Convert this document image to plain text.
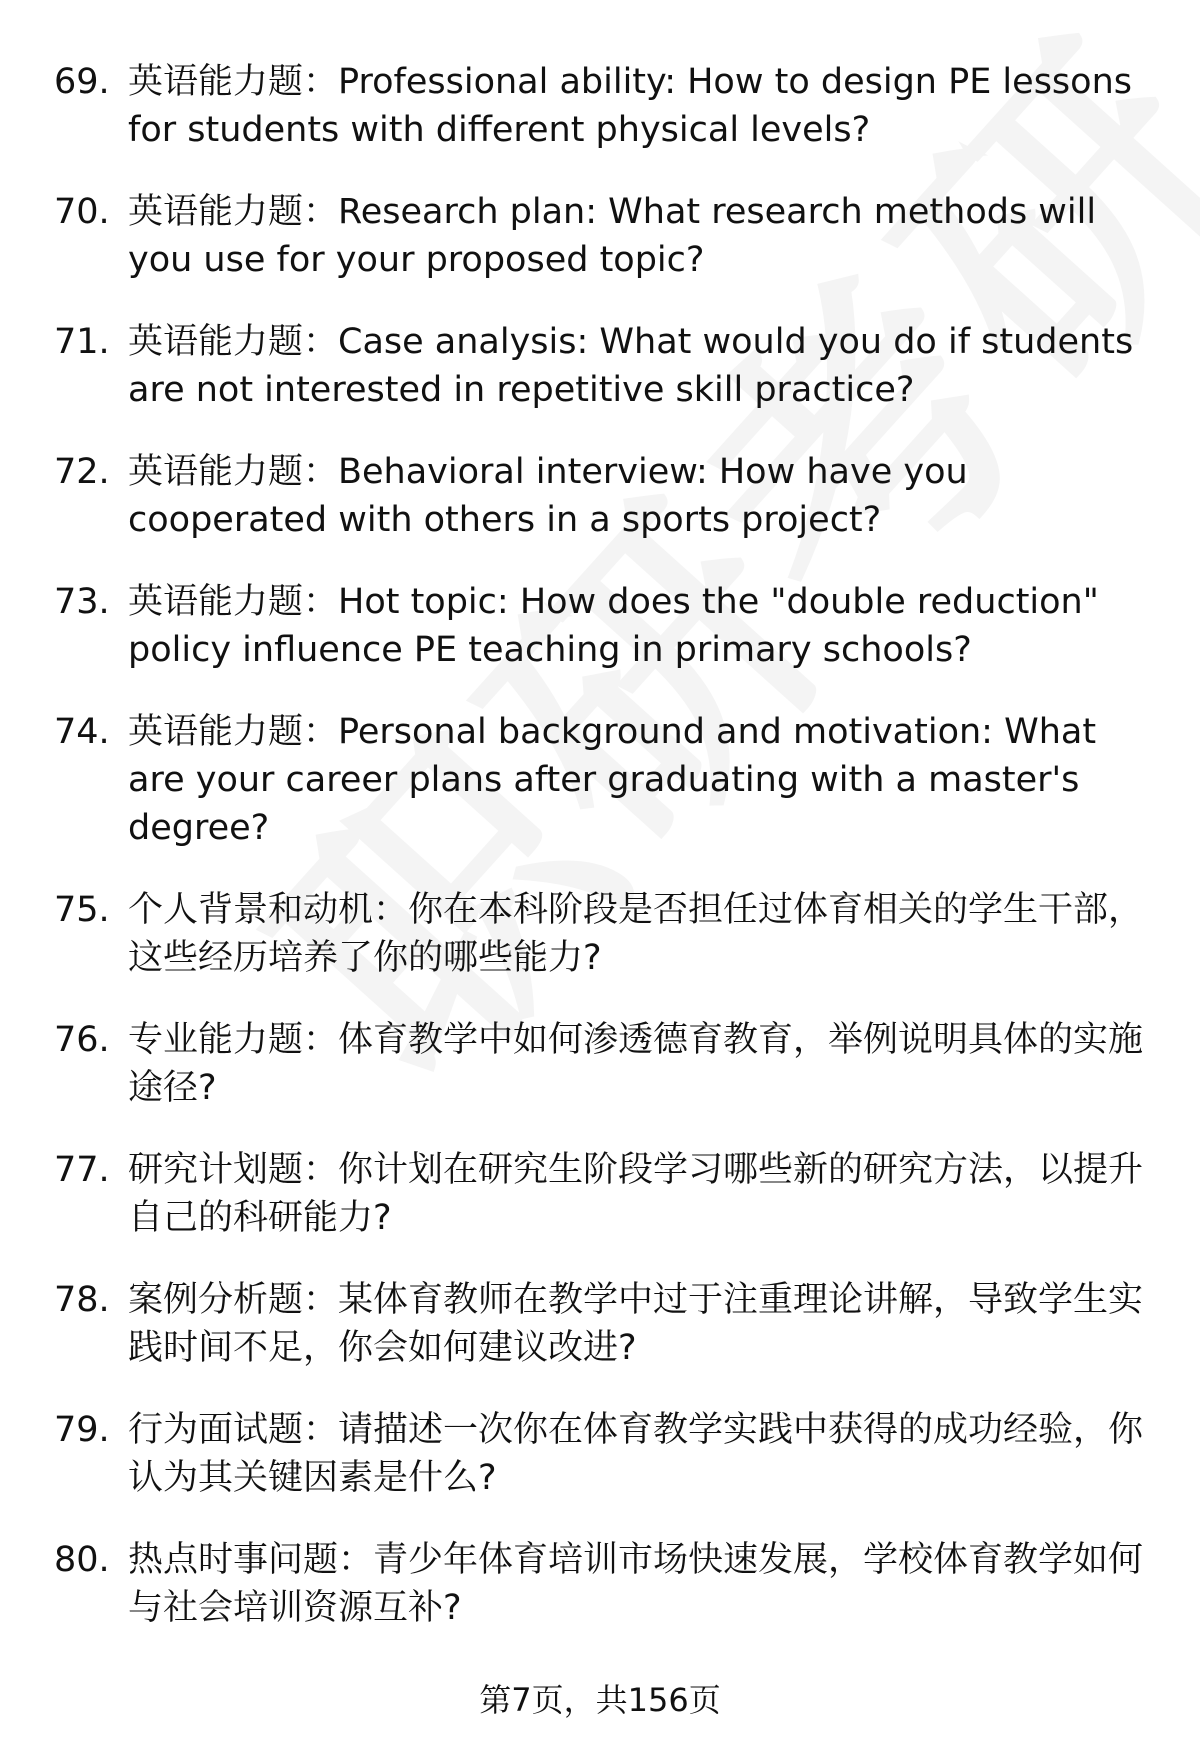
69. 英语能力题：Professional ability: How to design PE lessons for students with different physical levels?
70. 英语能力题：Research plan: What research methods will you use for your proposed topic?
71. 英语能力题：Case analysis: What would you do if students are not interested in repetitive skill practice?
72. 英语能力题：Behavioral interview: How have you cooperated with others in a sports project?
73. 英语能力题：Hot topic: How does the "double reduction" policy influence PE teaching in primary schools?
74. 英语能力题：Personal background and motivation: What are your career plans after graduating with a master's degree?
75. 个人背景和动机：你在本科阶段是否担任过体育相关的学生干部，这些经历培养了你的哪些能力?
76. 专业能力题：体育教学中如何渗透德育教育，举例说明具体的实施途径?
77. 研究计划题：你计划在研究生阶段学习哪些新的研究方法，以提升自己的科研能力?
78. 案例分析题：某体育教师在教学中过于注重理论讲解，导致学生实践时间不足，你会如何建议改进?
79. 行为面试题：请描述一次你在体育教学实践中获得的成功经验，你认为其关键因素是什么?
80. 热点时事问题：青少年体育培训市场快速发展，学校体育教学如何与社会培训资源互补?
第7页，共156页
